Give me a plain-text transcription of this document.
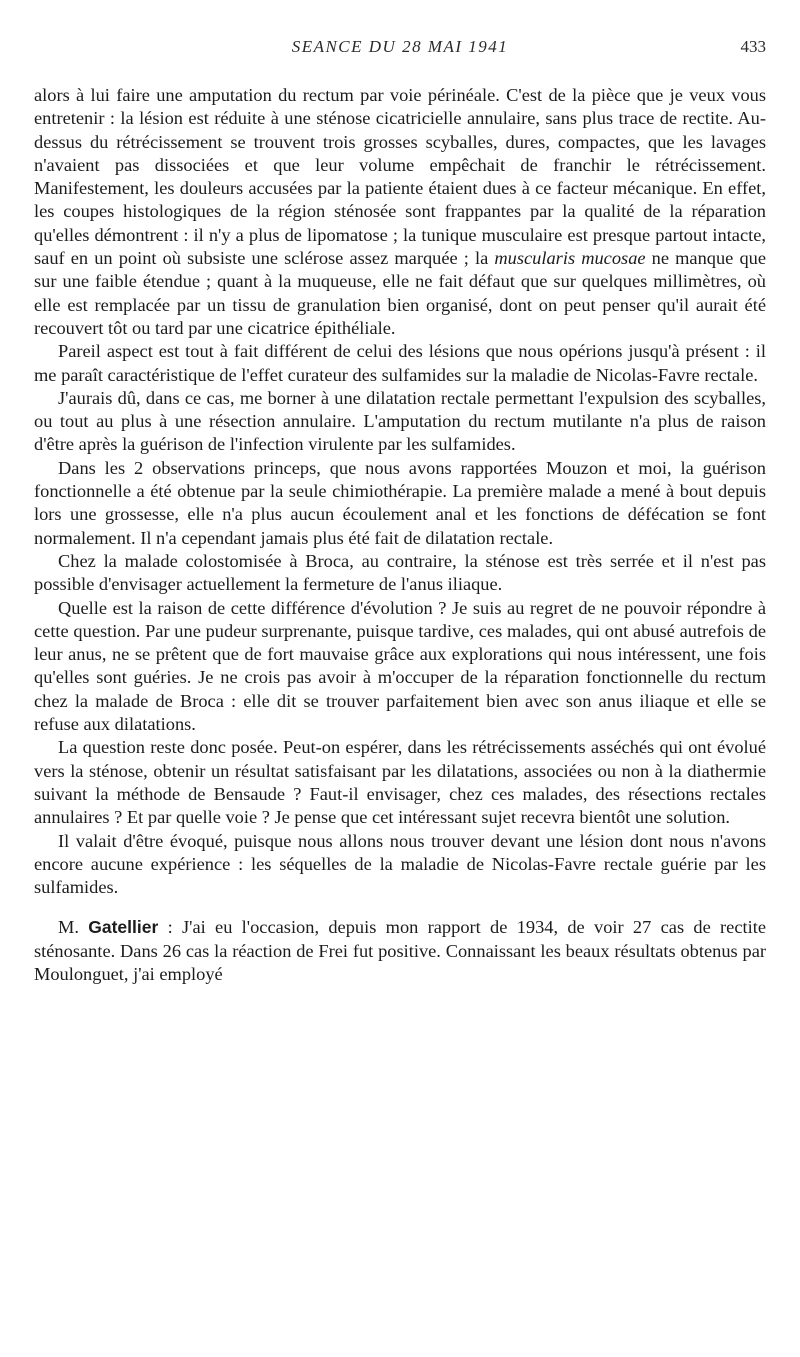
SEANCE DU 28 MAI 1941	433

alors à lui faire une amputation du rectum par voie périnéale. C'est de la pièce que je veux vous entretenir : la lésion est réduite à une sténose cicatricielle annulaire, sans plus trace de rectite. Au-dessus du rétrécissement se trouvent trois grosses scyballes, dures, compactes, que les lavages n'avaient pas dissociées et que leur volume empêchait de franchir le rétrécissement. Manifestement, les douleurs accusées par la patiente étaient dues à ce facteur mécanique. En effet, les coupes histologiques de la région sténosée sont frappantes par la qualité de la réparation qu'elles démontrent : il n'y a plus de lipomatose ; la tunique musculaire est presque partout intacte, sauf en un point où subsiste une sclérose assez marquée ; la muscularis mucosae ne manque que sur une faible étendue ; quant à la muqueuse, elle ne fait défaut que sur quelques millimètres, où elle est remplacée par un tissu de granulation bien organisé, dont on peut penser qu'il aurait été recouvert tôt ou tard par une cicatrice épithéliale.

Pareil aspect est tout à fait différent de celui des lésions que nous opérions jusqu'à présent : il me paraît caractéristique de l'effet curateur des sulfamides sur la maladie de Nicolas-Favre rectale.

J'aurais dû, dans ce cas, me borner à une dilatation rectale permettant l'expulsion des scyballes, ou tout au plus à une résection annulaire. L'amputation du rectum mutilante n'a plus de raison d'être après la guérison de l'infection virulente par les sulfamides.

Dans les 2 observations princeps, que nous avons rapportées Mouzon et moi, la guérison fonctionnelle a été obtenue par la seule chimiothérapie. La première malade a mené à bout depuis lors une grossesse, elle n'a plus aucun écoulement anal et les fonctions de défécation se font normalement. Il n'a cependant jamais plus été fait de dilatation rectale.

Chez la malade colostomisée à Broca, au contraire, la sténose est très serrée et il n'est pas possible d'envisager actuellement la fermeture de l'anus iliaque.

Quelle est la raison de cette différence d'évolution ? Je suis au regret de ne pouvoir répondre à cette question. Par une pudeur surprenante, puisque tardive, ces malades, qui ont abusé autrefois de leur anus, ne se prêtent que de fort mauvaise grâce aux explorations qui nous intéressent, une fois qu'elles sont guéries. Je ne crois pas avoir à m'occuper de la réparation fonctionnelle du rectum chez la malade de Broca : elle dit se trouver parfaitement bien avec son anus iliaque et elle se refuse aux dilatations.

La question reste donc posée. Peut-on espérer, dans les rétrécissements asséchés qui ont évolué vers la sténose, obtenir un résultat satisfaisant par les dilatations, associées ou non à la diathermie suivant la méthode de Bensaude ? Faut-il envisager, chez ces malades, des résections rectales annulaires ? Et par quelle voie ? Je pense que cet intéressant sujet recevra bientôt une solution.

Il valait d'être évoqué, puisque nous allons nous trouver devant une lésion dont nous n'avons encore aucune expérience : les séquelles de la maladie de Nicolas-Favre rectale guérie par les sulfamides.

M. Gatellier : J'ai eu l'occasion, depuis mon rapport de 1934, de voir 27 cas de rectite sténosante. Dans 26 cas la réaction de Frei fut positive. Connaissant les beaux résultats obtenus par Moulonguet, j'ai employé
